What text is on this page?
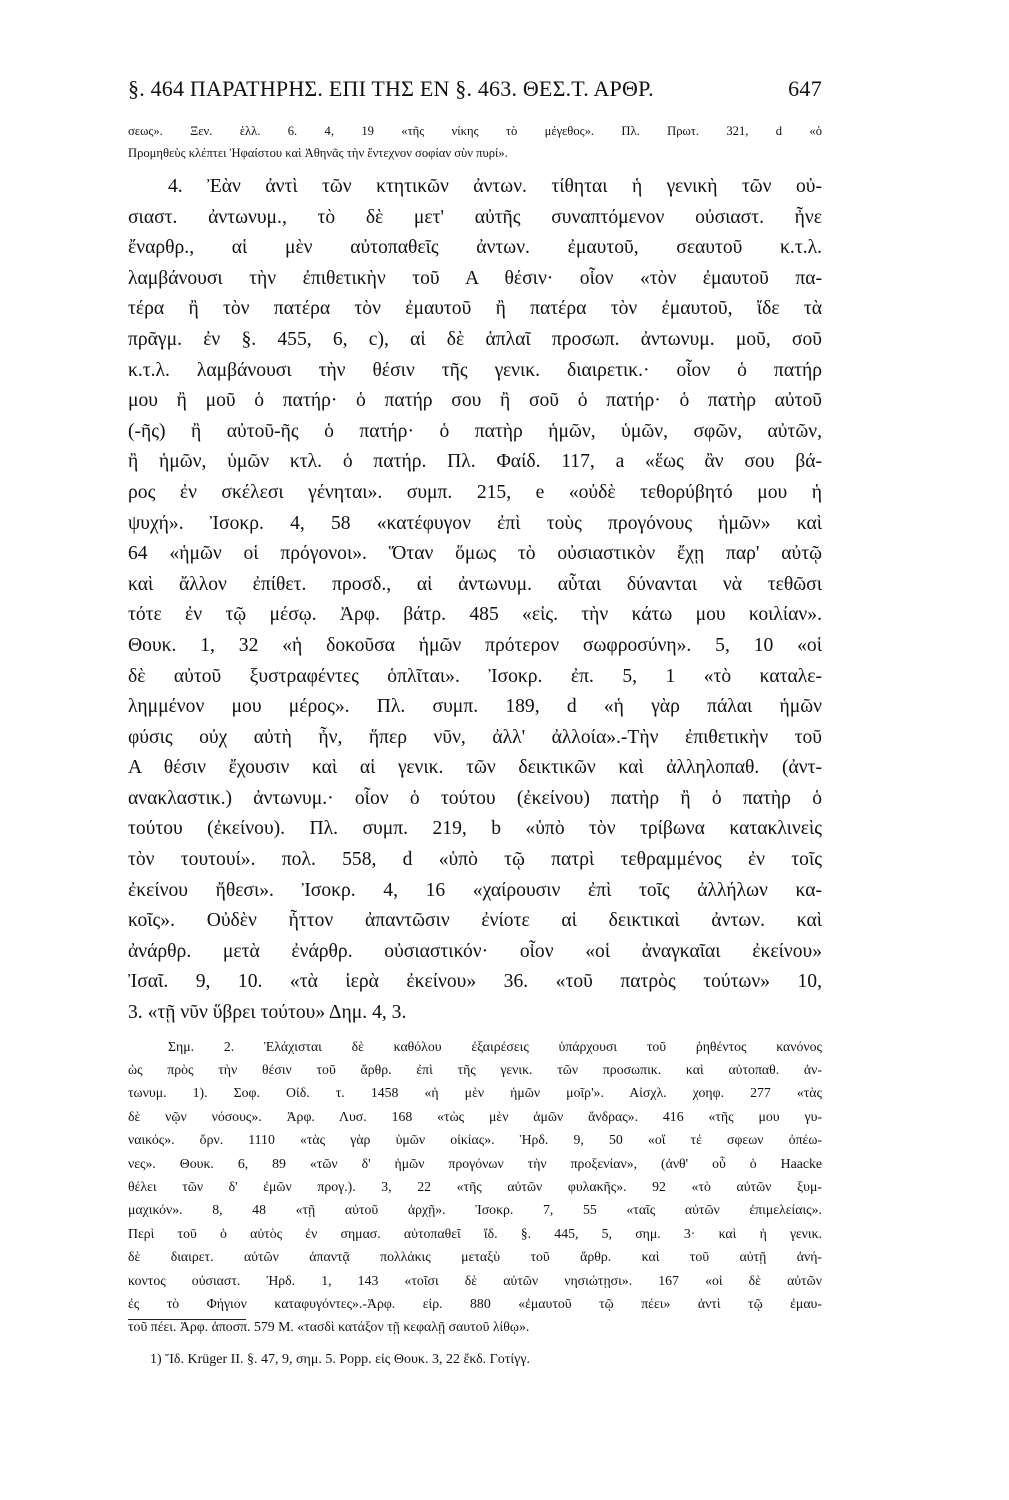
§. 464 ΠΑΡΑΤΗΡΗΣ. ΕΠΙ ΤΗΣ ΕΝ §. 463. ΘΕΣ.Τ. ΑΡΘΡ.	647
σεως». Ξεν. ἑλλ. 6. 4, 19 «τῆς νίκης τὸ μέγεθος». Πλ. Πρωτ. 321, d «ὁ
Προμηθεὺς κλέπτει Ἡφαίστου καὶ Ἀθηνᾶς τὴν ἔντεχνον σοφίαν σὺν πυρί».
4. Ἐὰν ἀντὶ τῶν κτητικῶν ἀντων. τίθηται ἡ γενικὴ τῶν οὐ-
σιαστ. ἀντωνυμ., τὸ δὲ μετ' αὐτῆς συναπτόμενον οὐσιαστ. ἦνε
ἔναρθρ., αἱ μὲν αὐτοπαθεῖς ἀντων. ἐμαυτοῦ, σεαυτοῦ κ.τ.λ.
λαμβάνουσι τὴν ἐπιθετικὴν τοῦ Α θέσιν· οἷον «τὸν ἐμαυτοῦ πα-
τέρα ἢ τὸν πατέρα τὸν ἐμαυτοῦ ἢ πατέρα τὸν ἐμαυτοῦ, ἴδε τὰ
πρᾶγμ. ἐν §. 455, 6, c), αἱ δὲ ἁπλαῖ προσωπ. ἀντωνυμ. μοῦ, σοῦ
κ.τ.λ. λαμβάνουσι τὴν θέσιν τῆς γενικ. διαιρετικ.· οἷον ὁ πατήρ
μου ἢ μοῦ ὁ πατήρ· ὁ πατήρ σου ἢ σοῦ ὁ πατήρ· ὁ πατὴρ αὐτοῦ
(-ῆς) ἢ αὐτοῦ-ῆς ὁ πατήρ· ὁ πατὴρ ἡμῶν, ὑμῶν, σφῶν, αὐτῶν,
ἢ ἡμῶν, ὑμῶν κτλ. ὁ πατήρ. Πλ. Φαίδ. 117, a «ἕως ἂν σου βά-
ρος ἐν σκέλεσι γένηται». συμπ. 215, e «οὐδὲ τεθορύβητό μου ἡ
ψυχή». Ἰσοκρ. 4, 58 «κατέφυγον ἐπὶ τοὺς προγόνους ἡμῶν» καὶ
64 «ἡμῶν οἱ πρόγονοι». Ὅταν ὅμως τὸ οὐσιαστικὸν ἔχῃ παρ' αὐτῷ
καὶ ἄλλον ἐπίθετ. προσδ., αἱ ἀντωνυμ. αὗται δύνανται νὰ τεθῶσι
τότε ἐν τῷ μέσῳ. Ἀρφ. βάτρ. 485 «εἰς. τὴν κάτω μου κοιλίαν».
Θουκ. 1, 32 «ἡ δοκοῦσα ἡμῶν πρότερον σωφροσύνη». 5, 10 «οἱ
δὲ αὐτοῦ ξυστραφέντες ὁπλῖται». Ἰσοκρ. ἐπ. 5, 1 «τὸ καταλε-
λημμένον μου μέρος». Πλ. συμπ. 189, d «ἡ γὰρ πάλαι ἡμῶν
φύσις οὐχ αὐτὴ ἦν, ἥπερ νῦν, ἀλλ' ἀλλοία».-Τὴν ἐπιθετικὴν τοῦ
Α θέσιν ἔχουσιν καὶ αἱ γενικ. τῶν δεικτικῶν καὶ ἀλληλοπαθ. (ἀντ-
ανακλαστικ.) ἀντωνυμ.· οἷον ὁ τούτου (ἐκείνου) πατὴρ ἢ ὁ πατὴρ ὁ
τούτου (ἐκείνου). Πλ. συμπ. 219, b «ὑπὸ τὸν τρίβωνα κατακλινεὶς
τὸν τουτουί». πολ. 558, d «ὑπὸ τῷ πατρὶ τεθραμμένος ἐν τοῖς
ἐκείνου ἤθεσι». Ἰσοκρ. 4, 16 «χαίρουσιν ἐπὶ τοῖς ἀλλήλων κα-
κοῖς». Οὐδὲν ἧττον ἀπαντῶσιν ἐνίοτε αἱ δεικτικαὶ ἀντων. καὶ
ἀνάρθρ. μετὰ ἐνάρθρ. οὐσιαστικόν· οἷον «οἱ ἀναγκαῖαι ἐκείνου»
Ἰσαῖ. 9, 10. «τὰ ἱερὰ ἐκείνου» 36. «τοῦ πατρὸς τούτων» 10,
3. «τῇ νῦν ὕβρει τούτου» Δημ. 4, 3.
Σημ. 2. Ἐλάχισται δὲ καθόλου ἐξαιρέσεις ὑπάρχουσι τοῦ ῥηθέντος κανόνος
ὡς πρὸς τὴν θέσιν τοῦ ἄρθρ. ἐπὶ τῆς γενικ. τῶν προσωπικ. καὶ αὐτοπαθ. ἀν-
τωνυμ. 1). Σοφ. Οἰδ. τ. 1458 «ἡ μὲν ἡμῶν μοῖρ'». Αἰσχλ. χοηφ. 277 «τὰς
δὲ νῷν νόσους». Ἀρφ. Λυσ. 168 «τὼς μὲν ἁμῶν ἄνδρας». 416 «τῆς μου γυ-
ναικός». ὄρν. 1110 «τὰς γὰρ ὑμῶν οἰκίας». Ἡρδ. 9, 50 «οἵ τέ σφεων ὀπέω-
νες». Θουκ. 6, 89 «τῶν δ' ἡμῶν προγόνων τὴν προξενίαν», (ἀνθ' οὗ ὁ Haacke
θέλει τῶν δ' ἐμῶν προγ.). 3, 22 «τῆς αὐτῶν φυλακῆς». 92 «τὸ αὐτῶν ξυμ-
μαχικόν». 8, 48 «τῇ αὐτοῦ ἀρχῇ». Ἰσοκρ. 7, 55 «ταῖς αὐτῶν ἐπιμελείαις».
Περὶ τοῦ ὁ αὐτὸς ἐν σημασ. αὐτοπαθεῖ ἴδ. §. 445, 5, σημ. 3· καὶ ἡ γενικ.
δὲ διαιρετ. αὐτῶν ἀπαντᾷ πολλάκις μεταξὺ τοῦ ἄρθρ. καὶ τοῦ αὐτῇ ἀνή-
κοντος οὐσιαστ. Ἡρδ. 1, 143 «τοῖσι δὲ αὐτῶν νησιώτῃσι». 167 «οἱ δὲ αὐτῶν
ἐς τὸ Φήγιον καταφυγόντες».-Ἀρφ. εἰρ. 880 «ἐμαυτοῦ τῷ πέει» ἀντὶ τῷ ἐμαυ-
τοῦ πέει. Ἀρφ. ἀποσπ. 579 Μ. «τασδὶ κατάξον τῇ κεφαλῇ σαυτοῦ λίθῳ».
1) Ἴδ. Krüger II. §. 47, 9, σημ. 5. Popp. εἰς Θουκ. 3, 22 ἔκδ. Γοτίγγ.
